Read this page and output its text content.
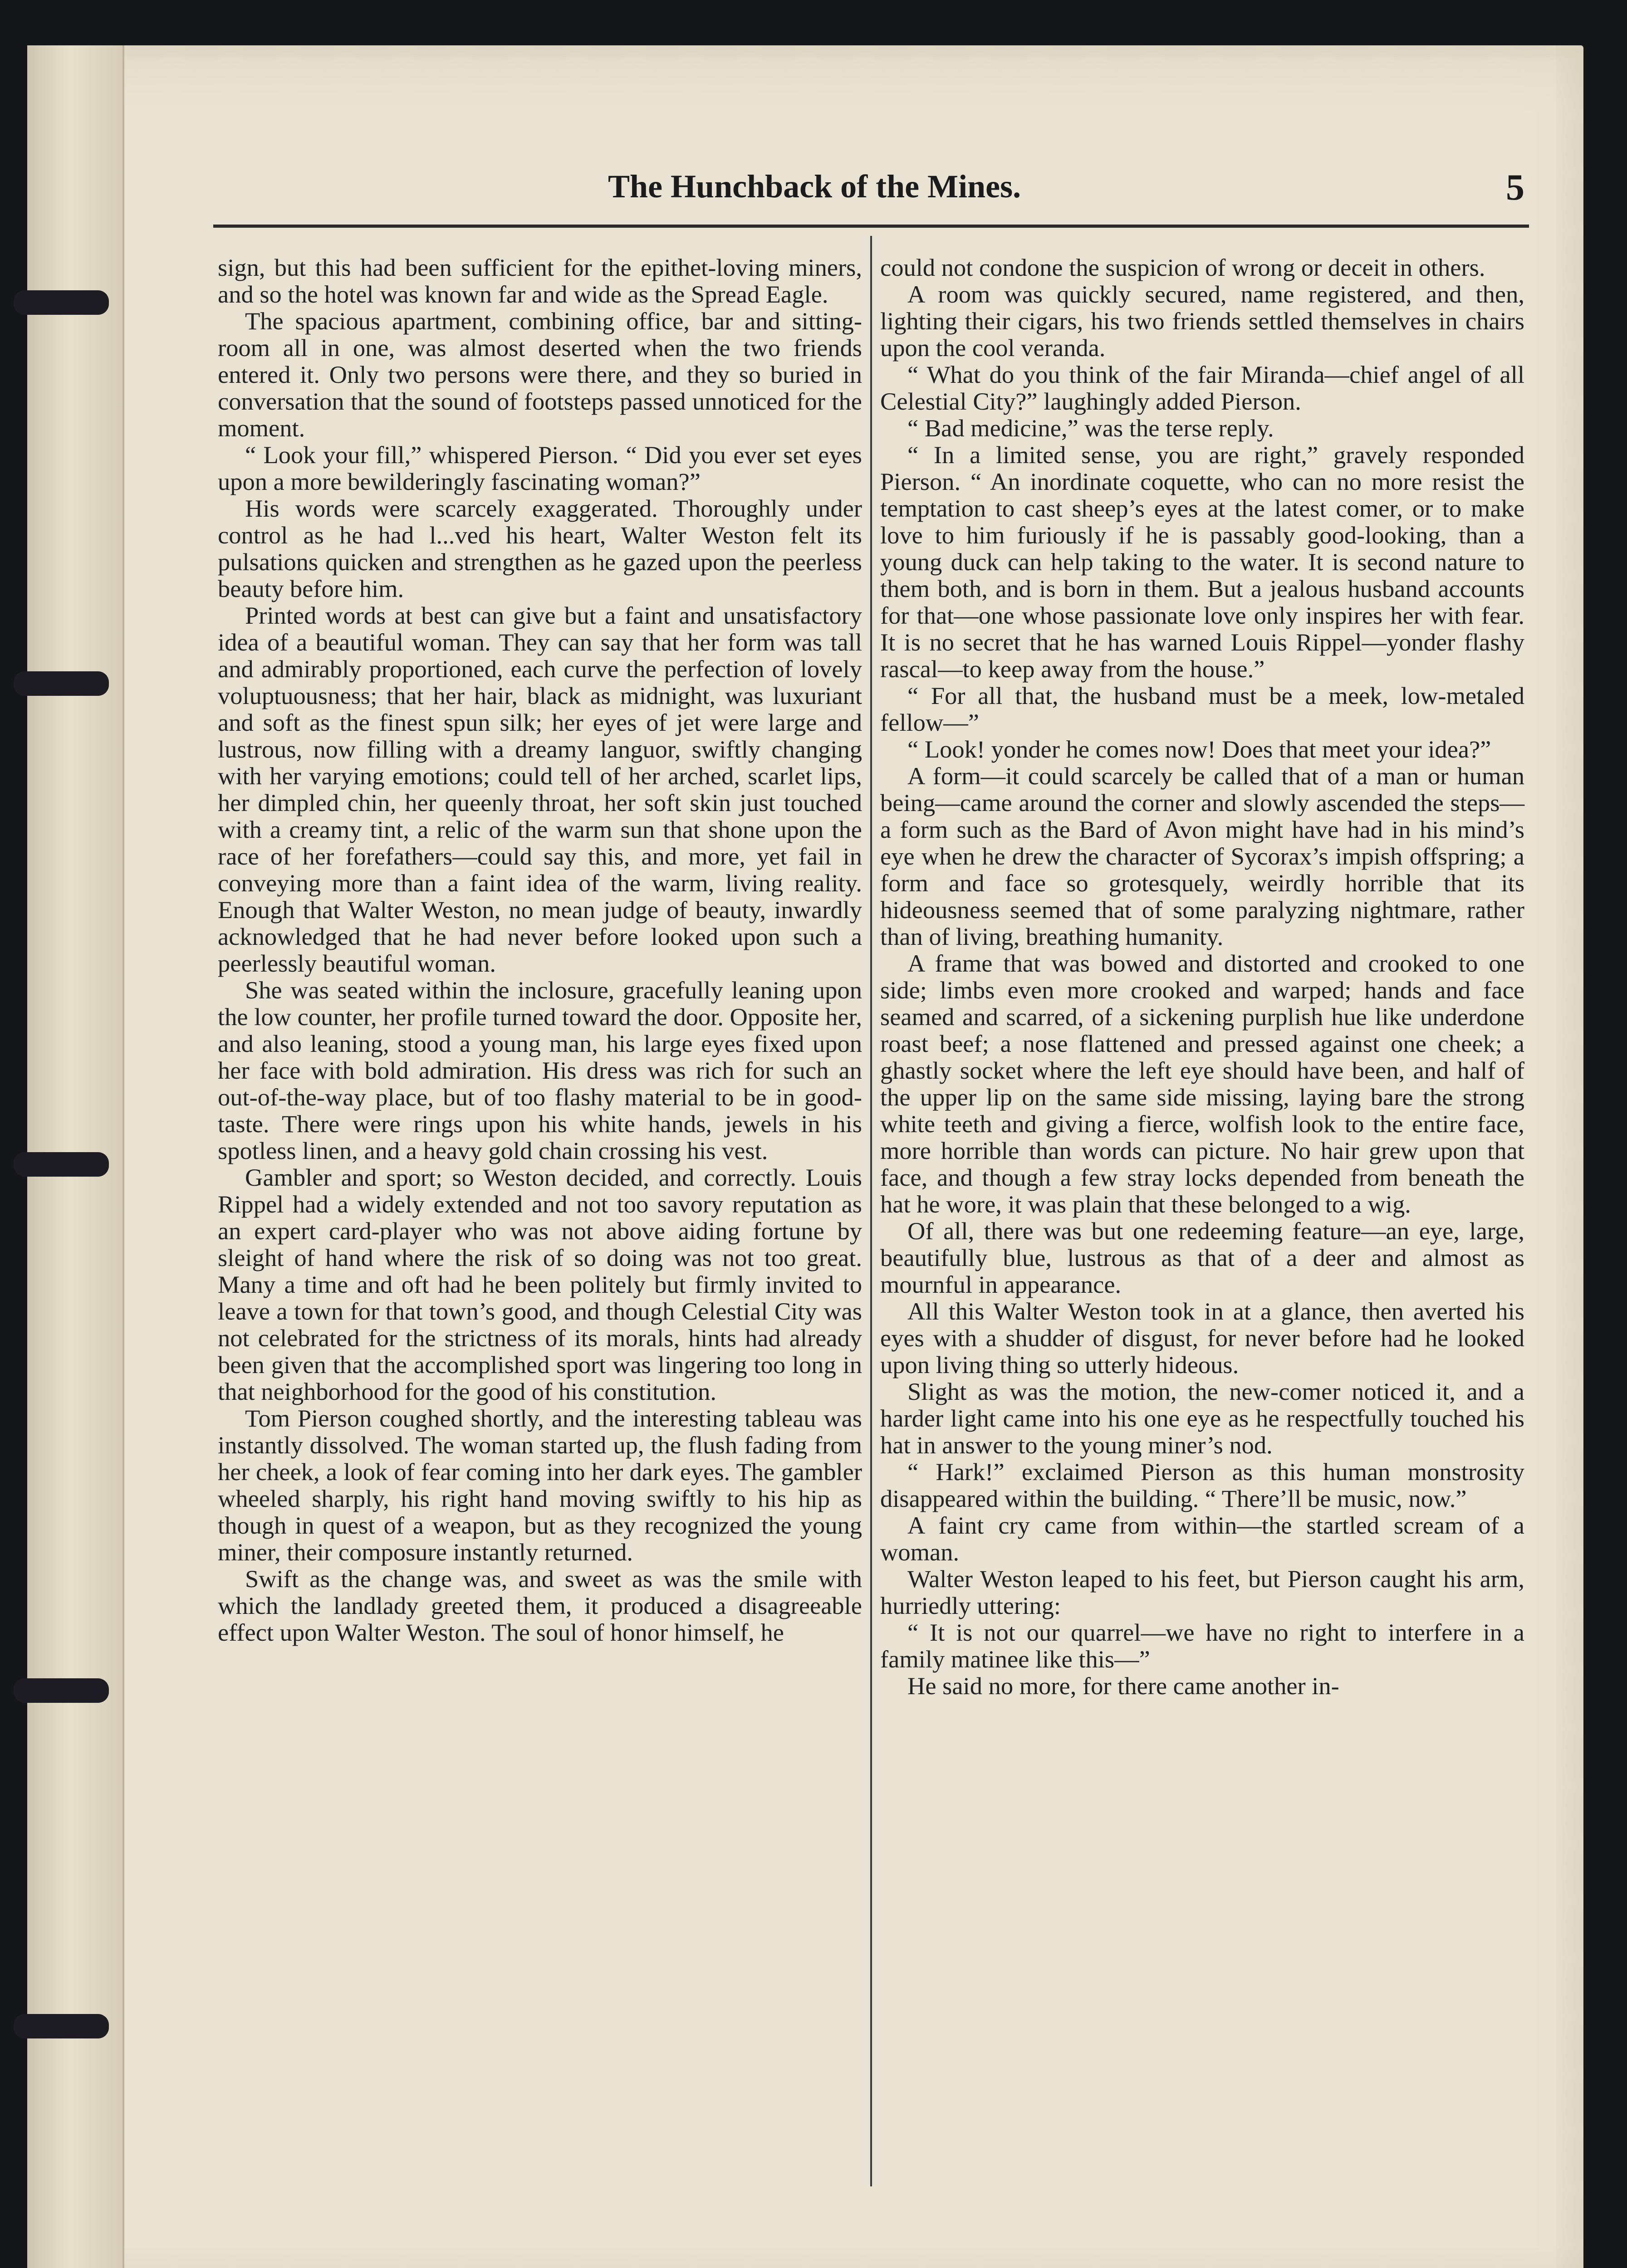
The Hunchback of the Mines.	5

sign, but this had been sufficient for the epithet-loving miners, and so the hotel was known far and wide as the Spread Eagle.

The spacious apartment, combining office, bar and sitting-room all in one, was almost deserted when the two friends entered it. Only two persons were there, and they so buried in conversation that the sound of footsteps passed unnoticed for the moment.

“ Look your fill,” whispered Pierson. “ Did you ever set eyes upon a more bewilderingly fascinating woman?”

His words were scarcely exaggerated. Thoroughly under control as he had l...ved his heart, Walter Weston felt its pulsations quicken and strengthen as he gazed upon the peerless beauty before him.

Printed words at best can give but a faint and unsatisfactory idea of a beautiful woman. They can say that her form was tall and admirably proportioned, each curve the perfection of lovely voluptuousness; that her hair, black as midnight, was luxuriant and soft as the finest spun silk; her eyes of jet were large and lustrous, now filling with a dreamy languor, swiftly changing with her varying emotions; could tell of her arched, scarlet lips, her dimpled chin, her queenly throat, her soft skin just touched with a creamy tint, a relic of the warm sun that shone upon the race of her forefathers—could say this, and more, yet fail in conveying more than a faint idea of the warm, living reality. Enough that Walter Weston, no mean judge of beauty, inwardly acknowledged that he had never before looked upon such a peerlessly beautiful woman.

She was seated within the inclosure, gracefully leaning upon the low counter, her profile turned toward the door. Opposite her, and also leaning, stood a young man, his large eyes fixed upon her face with bold admiration. His dress was rich for such an out-of-the-way place, but of too flashy material to be in good-taste. There were rings upon his white hands, jewels in his spotless linen, and a heavy gold chain crossing his vest.

Gambler and sport; so Weston decided, and correctly. Louis Rippel had a widely extended and not too savory reputation as an expert card-player who was not above aiding fortune by sleight of hand where the risk of so doing was not too great. Many a time and oft had he been politely but firmly invited to leave a town for that town’s good, and though Celestial City was not celebrated for the strictness of its morals, hints had already been given that the accomplished sport was lingering too long in that neighborhood for the good of his constitution.

Tom Pierson coughed shortly, and the interesting tableau was instantly dissolved. The woman started up, the flush fading from her cheek, a look of fear coming into her dark eyes. The gambler wheeled sharply, his right hand moving swiftly to his hip as though in quest of a weapon, but as they recognized the young miner, their composure instantly returned.

Swift as the change was, and sweet as was the smile with which the landlady greeted them, it produced a disagreeable effect upon Walter Weston. The soul of honor himself, he

could not condone the suspicion of wrong or deceit in others.

A room was quickly secured, name registered, and then, lighting their cigars, his two friends settled themselves in chairs upon the cool veranda.

“ What do you think of the fair Miranda—chief angel of all Celestial City?” laughingly added Pierson.

“ Bad medicine,” was the terse reply.

“ In a limited sense, you are right,” gravely responded Pierson. “ An inordinate coquette, who can no more resist the temptation to cast sheep’s eyes at the latest comer, or to make love to him furiously if he is passably good-looking, than a young duck can help taking to the water. It is second nature to them both, and is born in them. But a jealous husband accounts for that—one whose passionate love only inspires her with fear. It is no secret that he has warned Louis Rippel—yonder flashy rascal—to keep away from the house.”

“ For all that, the husband must be a meek, low-metaled fellow—”

“ Look! yonder he comes now! Does that meet your idea?”

A form—it could scarcely be called that of a man or human being—came around the corner and slowly ascended the steps—a form such as the Bard of Avon might have had in his mind’s eye when he drew the character of Sycorax’s impish offspring; a form and face so grotesquely, weirdly horrible that its hideousness seemed that of some paralyzing nightmare, rather than of living, breathing humanity.

A frame that was bowed and distorted and crooked to one side; limbs even more crooked and warped; hands and face seamed and scarred, of a sickening purplish hue like underdone roast beef; a nose flattened and pressed against one cheek; a ghastly socket where the left eye should have been, and half of the upper lip on the same side missing, laying bare the strong white teeth and giving a fierce, wolfish look to the entire face, more horrible than words can picture. No hair grew upon that face, and though a few stray locks depended from beneath the hat he wore, it was plain that these belonged to a wig.

Of all, there was but one redeeming feature—an eye, large, beautifully blue, lustrous as that of a deer and almost as mournful in appearance.

All this Walter Weston took in at a glance, then averted his eyes with a shudder of disgust, for never before had he looked upon living thing so utterly hideous.

Slight as was the motion, the new-comer noticed it, and a harder light came into his one eye as he respectfully touched his hat in answer to the young miner’s nod.

“ Hark!” exclaimed Pierson as this human monstrosity disappeared within the building. “ There’ll be music, now.”

A faint cry came from within—the startled scream of a woman.

Walter Weston leaped to his feet, but Pierson caught his arm, hurriedly uttering:

“ It is not our quarrel—we have no right to interfere in a family matinee like this—”

He said no more, for there came another in-
